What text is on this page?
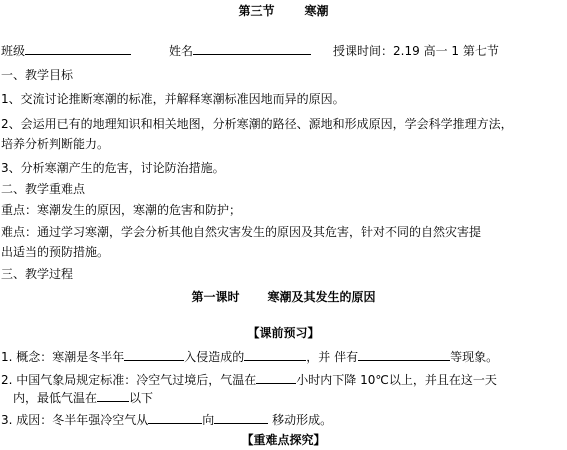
第三节	寒潮
班级	姓名	授课时间：2.19 高一 1 第七节
一、教学目标
1、交流讨论推断寒潮的标准，并解释寒潮标准因地而异的原因。
2、会运用已有的地理知识和相关地图，分析寒潮的路径、源地和形成原因，学会科学推理方法，
培养分析判断能力。
3、分析寒潮产生的危害，讨论防治措施。
二、教学重难点
重点：寒潮发生的原因，寒潮的危害和防护；
难点：通过学习寒潮，学会分析其他自然灾害发生的原因及其危害，针对不同的自然灾害提
出适当的预防措施。
三、教学过程
第一课时 寒潮及其发生的原因
【课前预习】
1. 概念：寒潮是冬半年	入侵造成的	，并 伴有	等现象。
2. 中国气象局规定标准：冷空气过境后，气温在	小时内下降 10℃以上，并且在这一天
内，最低气温在	以下
3. 成因：冬半年强冷空气从	向	移动形成。
【重难点探究】
